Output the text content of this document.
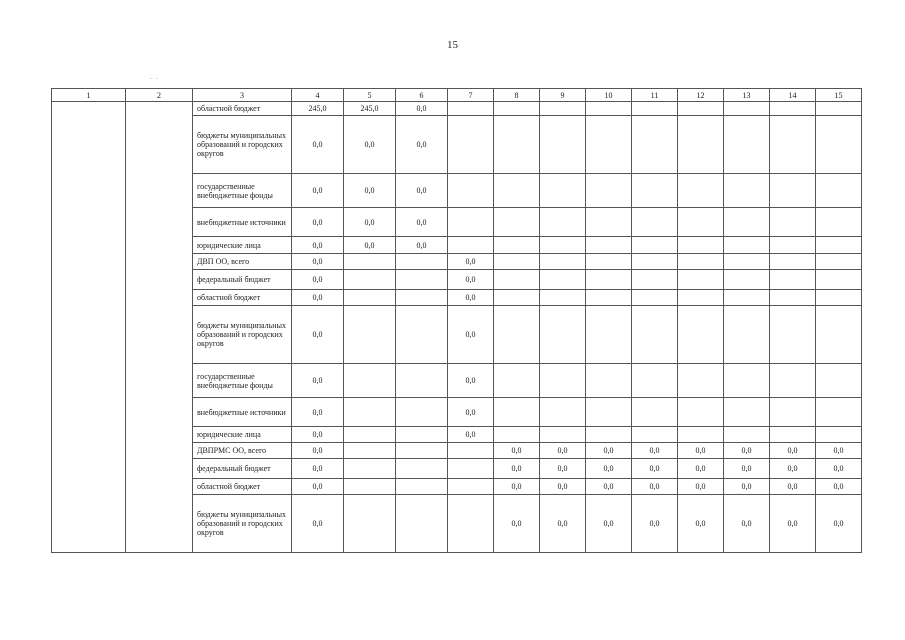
15
. .
1	2	3	4	5	6	7	8	9	10	11	12	13	14	15
		областной бюджет	245,0	245,0	0,0									
		бюджеты муниципальных образований и городских округов	0,0	0,0	0,0									
		государственные внебюджетные фонды	0,0	0,0	0,0									
		внебюджетные источники	0,0	0,0	0,0									
		юридические лица	0,0	0,0	0,0									
		ДВП ОО, всего	0,0			0,0								
		федеральный бюджет	0,0			0,0								
		областной бюджет	0,0			0,0								
		бюджеты муниципальных образований и городских округов	0,0			0,0								
		государственные внебюджетные фонды	0,0			0,0								
		внебюджетные источники	0,0			0,0								
		юридические лица	0,0			0,0								
		ДВПРМС ОО, всего	0,0				0,0	0,0	0,0	0,0	0,0	0,0	0,0	0,0
		федеральный бюджет	0,0				0,0	0,0	0,0	0,0	0,0	0,0	0,0	0,0
		областной бюджет	0,0				0,0	0,0	0,0	0,0	0,0	0,0	0,0	0,0
		бюджеты муниципальных образований и городских округов	0,0				0,0	0,0	0,0	0,0	0,0	0,0	0,0	0,0
